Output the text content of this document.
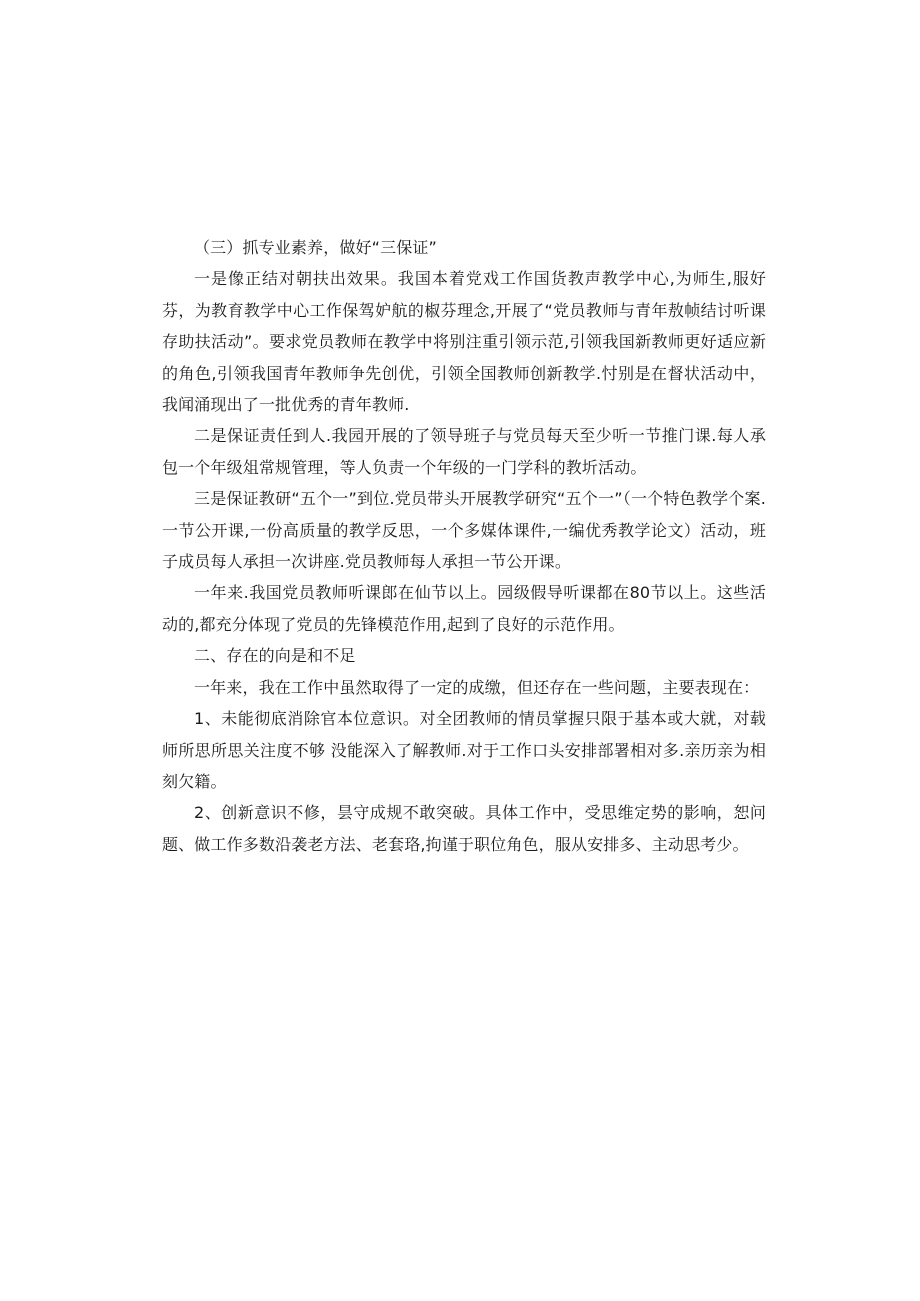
（三）抓专业素养，做好“三保证”

一是像正结对朝扶出效果。我国本着党戏工作国货教声教学中心,为师生,服好芬，为教育教学中心工作保驾妒航的椒芬理念,开展了“党员教师与青年敖帧结讨听课存助扶活动”。要求党员教师在教学中将别注重引领示范,引领我国新教师更好适应新的角色,引领我国青年教师争先创优，引领全国教师创新教学.忖别是在督状活动中，我闻涌现出了一批优秀的青年教师.

二是保证责任到人.我园开展的了领导班子与党员每天至少听一节推门课.每人承包一个年级俎常规管理，等人负责一个年级的一门学科的教圻活动。

三是保证教研“五个一”到位.党员带头开展教学研究“五个一”（一个特色教学个案.一节公开课,一份高质量的教学反思，一个多媒体课件,一编优秀教学论文）活动，班子成员每人承担一次讲座.党员教师每人承担一节公开课。

一年来.我国党员教师听课郎在仙节以上。园级假导听课都在80节以上。这些活动的,都充分体现了党员的先锋模范作用,起到了良好的示范作用。

二、存在的向是和不足

一年来，我在工作中虽然取得了一定的成缴，但还存在一些问题，主要表现在：

1、未能彻底消除官本位意识。对全团教师的情员掌握只限于基本或大就，对载师所思所思关注度不够 没能深入了解教师.对于工作口头安排部署相对多.亲历亲为相刻欠籍。

2、创新意识不修，昙守成规不敢突破。具体工作中，受思维定势的影响，恕问题、做工作多数沿袭老方法、老套珞,拘谨于职位角色，服从安排多、主动思考少。
